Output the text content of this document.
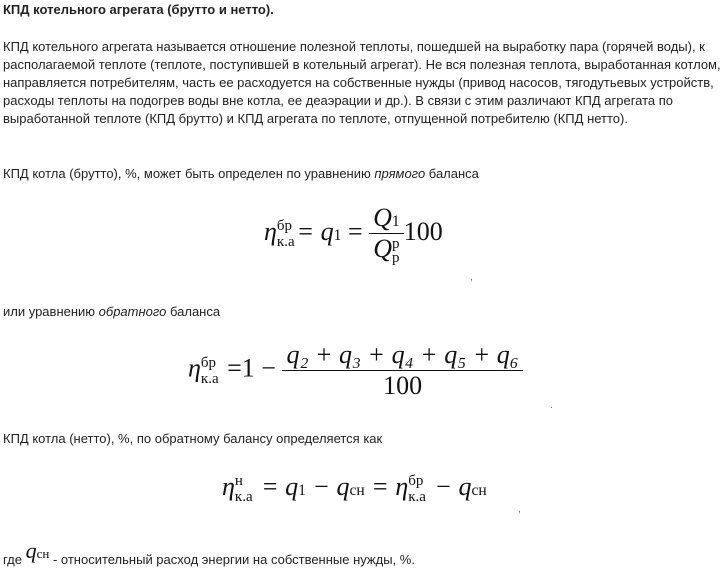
КПД котельного агрегата (брутто и нетто).
КПД котельного агрегата называется отношение полезной теплоты, пошедшей на выработку пара (горячей воды), к располагаемой теплоте (теплоте, поступившей в котельный агрегат). Не вся полезная теплота, выработанная котлом, направляется потребителям, часть ее расходуется на собственные нужды (привод насосов, тягодутьевых устройств, расходы теплоты на подогрев воды вне котла, ее деаэрации и др.). В связи с этим различают КПД агрегата по выработанной теплоте (КПД брутто) и КПД агрегата по теплоте, отпущенной потребителю (КПД нетто).
КПД котла (брутто), %, может быть определен по уравнению прямого баланса
η бр
к.а = q1 = Q1
Q р
р 100
,
или уравнению обратного баланса
η бр
$к.а =1 - \frac{\text{q₂ + q₃ + q₄ + q₅ + q₆}}{100}$
.
КПД котла (нетто), %, по обратному балансу определяется как
η н
к.а = q1 − qсн = η бр
к.а − qсн
,
где qсн - относительный расход энергии на собственные нужды, %.
